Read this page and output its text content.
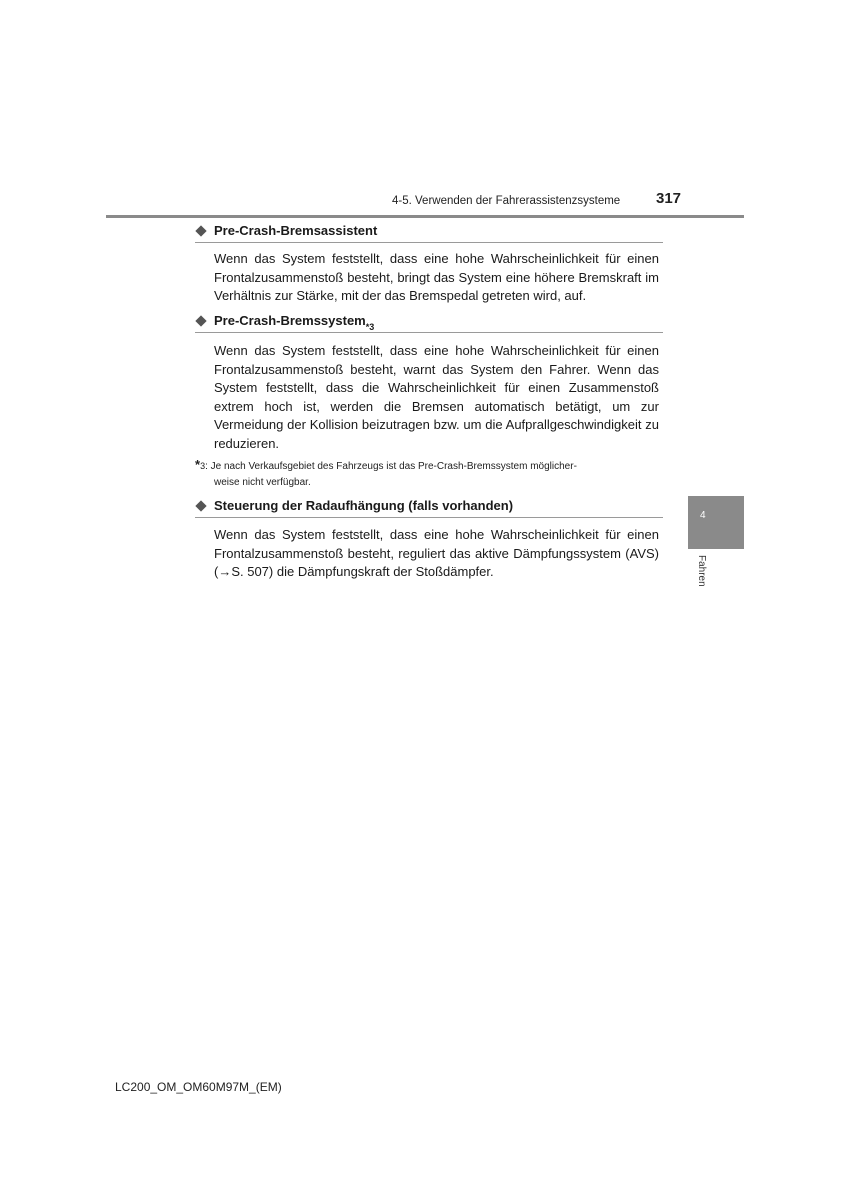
4-5. Verwenden der Fahrerassistenzsysteme 317
Pre-Crash-Bremsassistent

Wenn das System feststellt, dass eine hohe Wahrscheinlichkeit für einen Frontalzusammenstoß besteht, bringt das System eine höhere Bremskraft im Verhältnis zur Stärke, mit der das Bremspedal getreten wird, auf.

Pre-Crash-Bremssystem$^{*3}$

Wenn das System feststellt, dass eine hohe Wahrscheinlichkeit für einen Frontalzusammenstoß besteht, warnt das System den Fahrer. Wenn das System feststellt, dass die Wahrscheinlichkeit für einen Zusammenstoß extrem hoch ist, werden die Bremsen automatisch betätigt, um zur Vermeidung der Kollision beizutragen bzw. um die Aufprallgeschwindigkeit zu reduzieren.

*3: Je nach Verkaufsgebiet des Fahrzeugs ist das Pre-Crash-Bremssystem möglicher-
weise nicht verfügbar.
Steuerung der Radaufhängung (falls vorhanden)

Wenn das System feststellt, dass eine hohe Wahrscheinlichkeit für einen Frontalzusammenstoß besteht, reguliert das aktive Dämpfungssystem (AVS) (→S. 507) die Dämpfungskraft der Stoßdämpfer.

4
Fahren
LC200_OM_OM60M97M_(EM)
